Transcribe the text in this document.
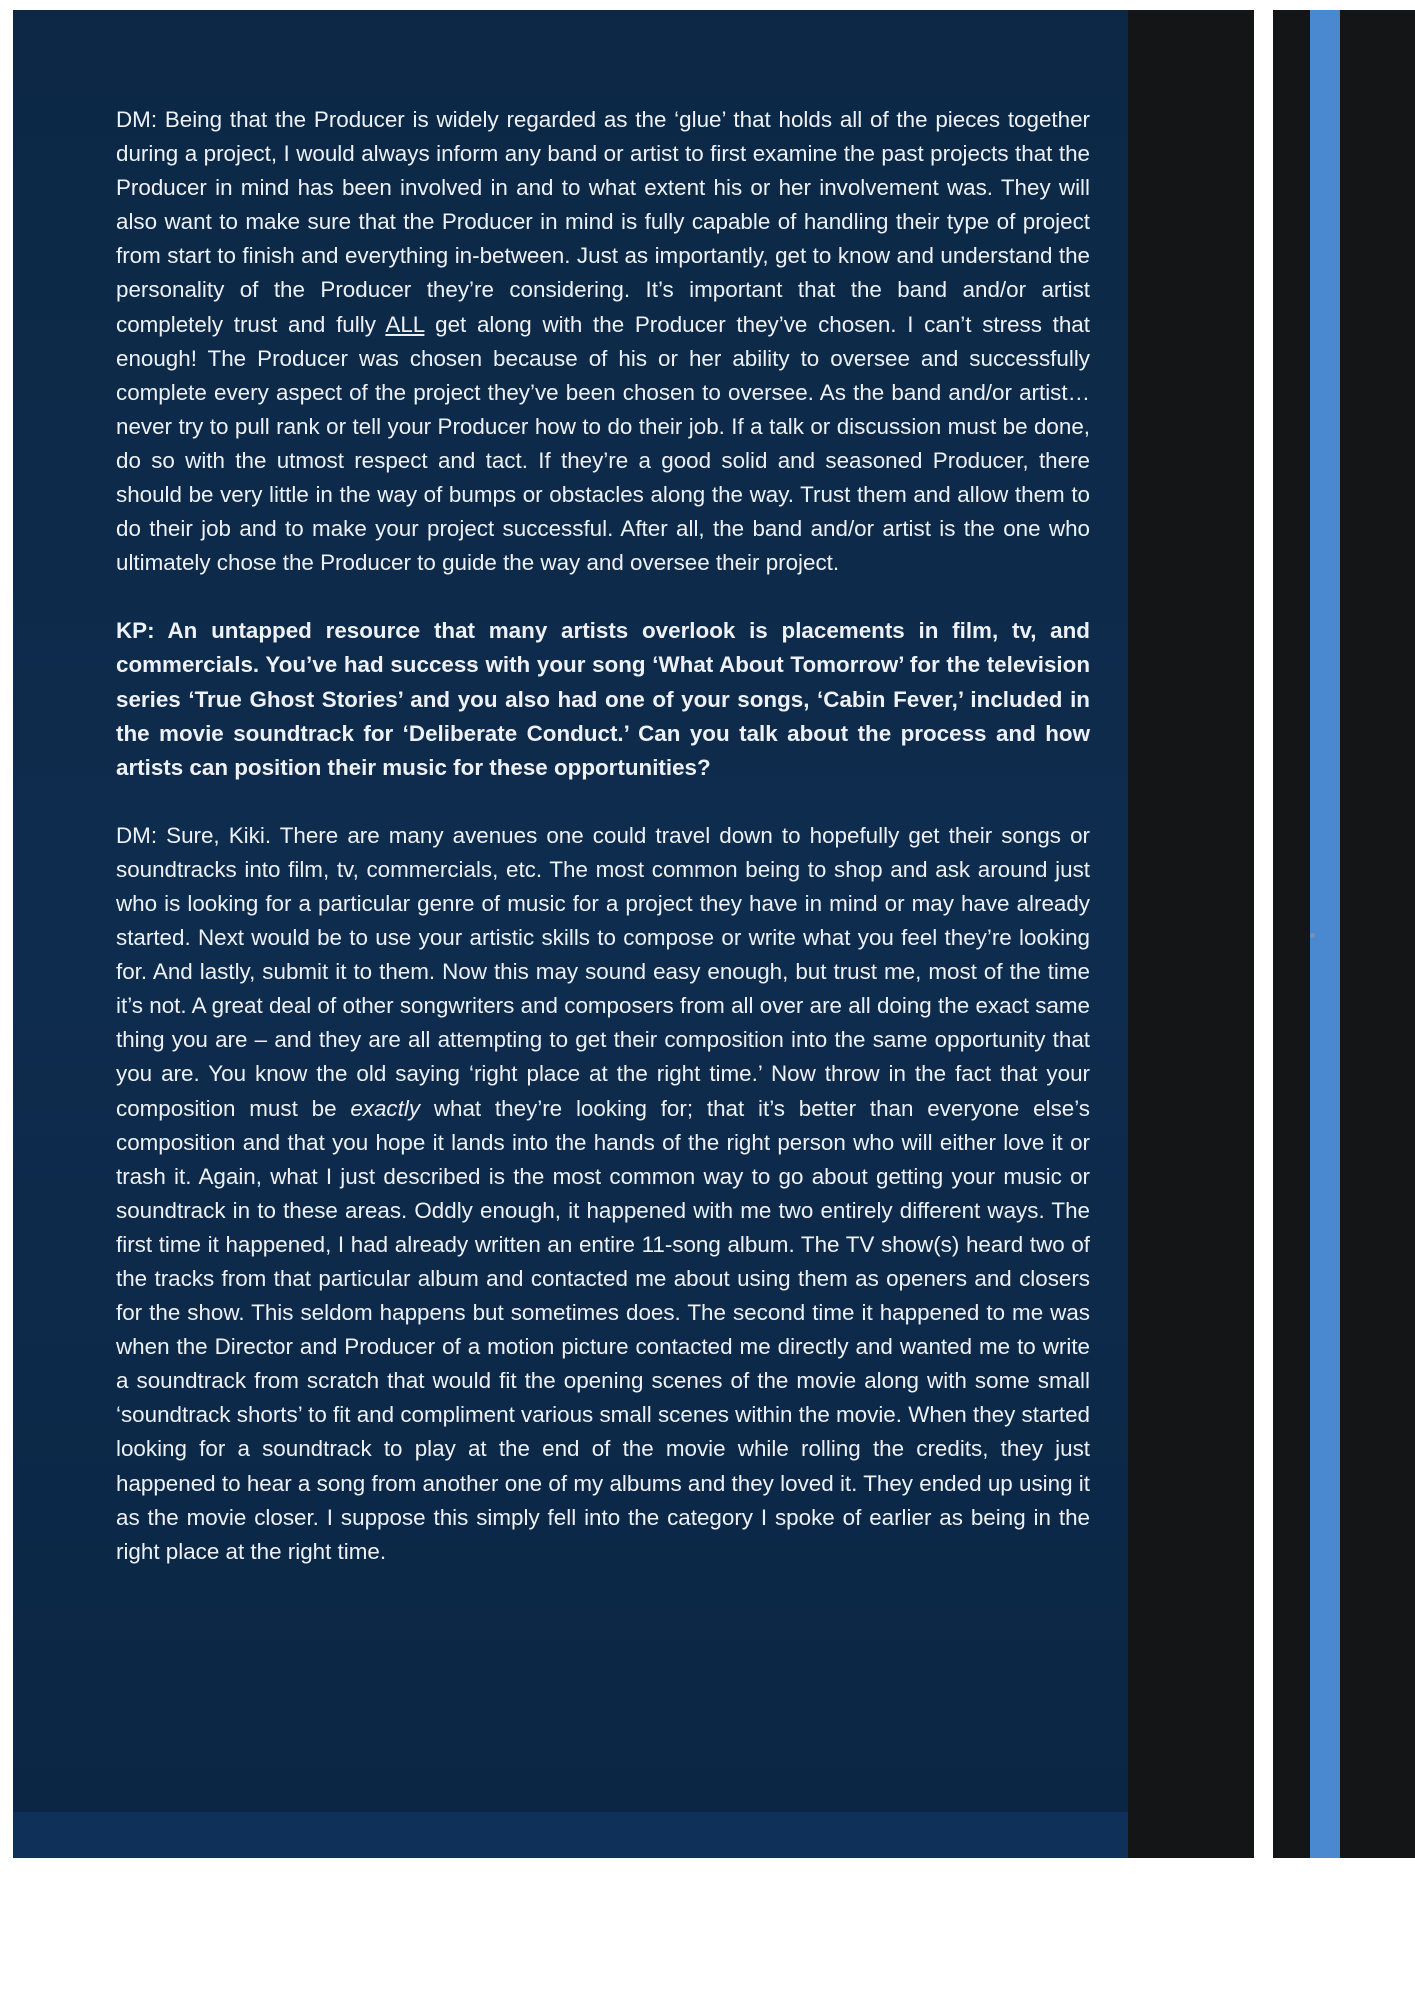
DM: Being that the Producer is widely regarded as the ‘glue’ that holds all of the pieces together during a project, I would always inform any band or artist to first examine the past projects that the Producer in mind has been involved in and to what extent his or her involvement was. They will also want to make sure that the Producer in mind is fully capable of handling their type of project from start to finish and everything in-between. Just as importantly, get to know and understand the personality of the Producer they’re considering. It’s important that the band and/or artist completely trust and fully ALL get along with the Producer they’ve chosen. I can’t stress that enough! The Producer was chosen because of his or her ability to oversee and successfully complete every aspect of the project they’ve been chosen to oversee. As the band and/or artist…never try to pull rank or tell your Producer how to do their job. If a talk or discussion must be done, do so with the utmost respect and tact. If they’re a good solid and seasoned Producer, there should be very little in the way of bumps or obstacles along the way. Trust them and allow them to do their job and to make your project successful. After all, the band and/or artist is the one who ultimately chose the Producer to guide the way and oversee their project.

KP: An untapped resource that many artists overlook is placements in film, tv, and commercials. You’ve had success with your song ‘What About Tomorrow’ for the television series ‘True Ghost Stories’ and you also had one of your songs, ‘Cabin Fever,’ included in the movie soundtrack for ‘Deliberate Conduct.’ Can you talk about the process and how artists can position their music for these opportunities?

DM: Sure, Kiki. There are many avenues one could travel down to hopefully get their songs or soundtracks into film, tv, commercials, etc. The most common being to shop and ask around just who is looking for a particular genre of music for a project they have in mind or may have already started. Next would be to use your artistic skills to compose or write what you feel they’re looking for. And lastly, submit it to them. Now this may sound easy enough, but trust me, most of the time it’s not. A great deal of other songwriters and composers from all over are all doing the exact same thing you are – and they are all attempting to get their composition into the same opportunity that you are. You know the old saying ‘right place at the right time.’ Now throw in the fact that your composition must be exactly what they’re looking for; that it’s better than everyone else’s composition and that you hope it lands into the hands of the right person who will either love it or trash it. Again, what I just described is the most common way to go about getting your music or soundtrack in to these areas. Oddly enough, it happened with me two entirely different ways. The first time it happened, I had already written an entire 11-song album. The TV show(s) heard two of the tracks from that particular album and contacted me about using them as openers and closers for the show. This seldom happens but sometimes does. The second time it happened to me was when the Director and Producer of a motion picture contacted me directly and wanted me to write a soundtrack from scratch that would fit the opening scenes of the movie along with some small ‘soundtrack shorts’ to fit and compliment various small scenes within the movie. When they started looking for a soundtrack to play at the end of the movie while rolling the credits, they just happened to hear a song from another one of my albums and they loved it. They ended up using it as the movie closer. I suppose this simply fell into the category I spoke of earlier as being in the right place at the right time.
